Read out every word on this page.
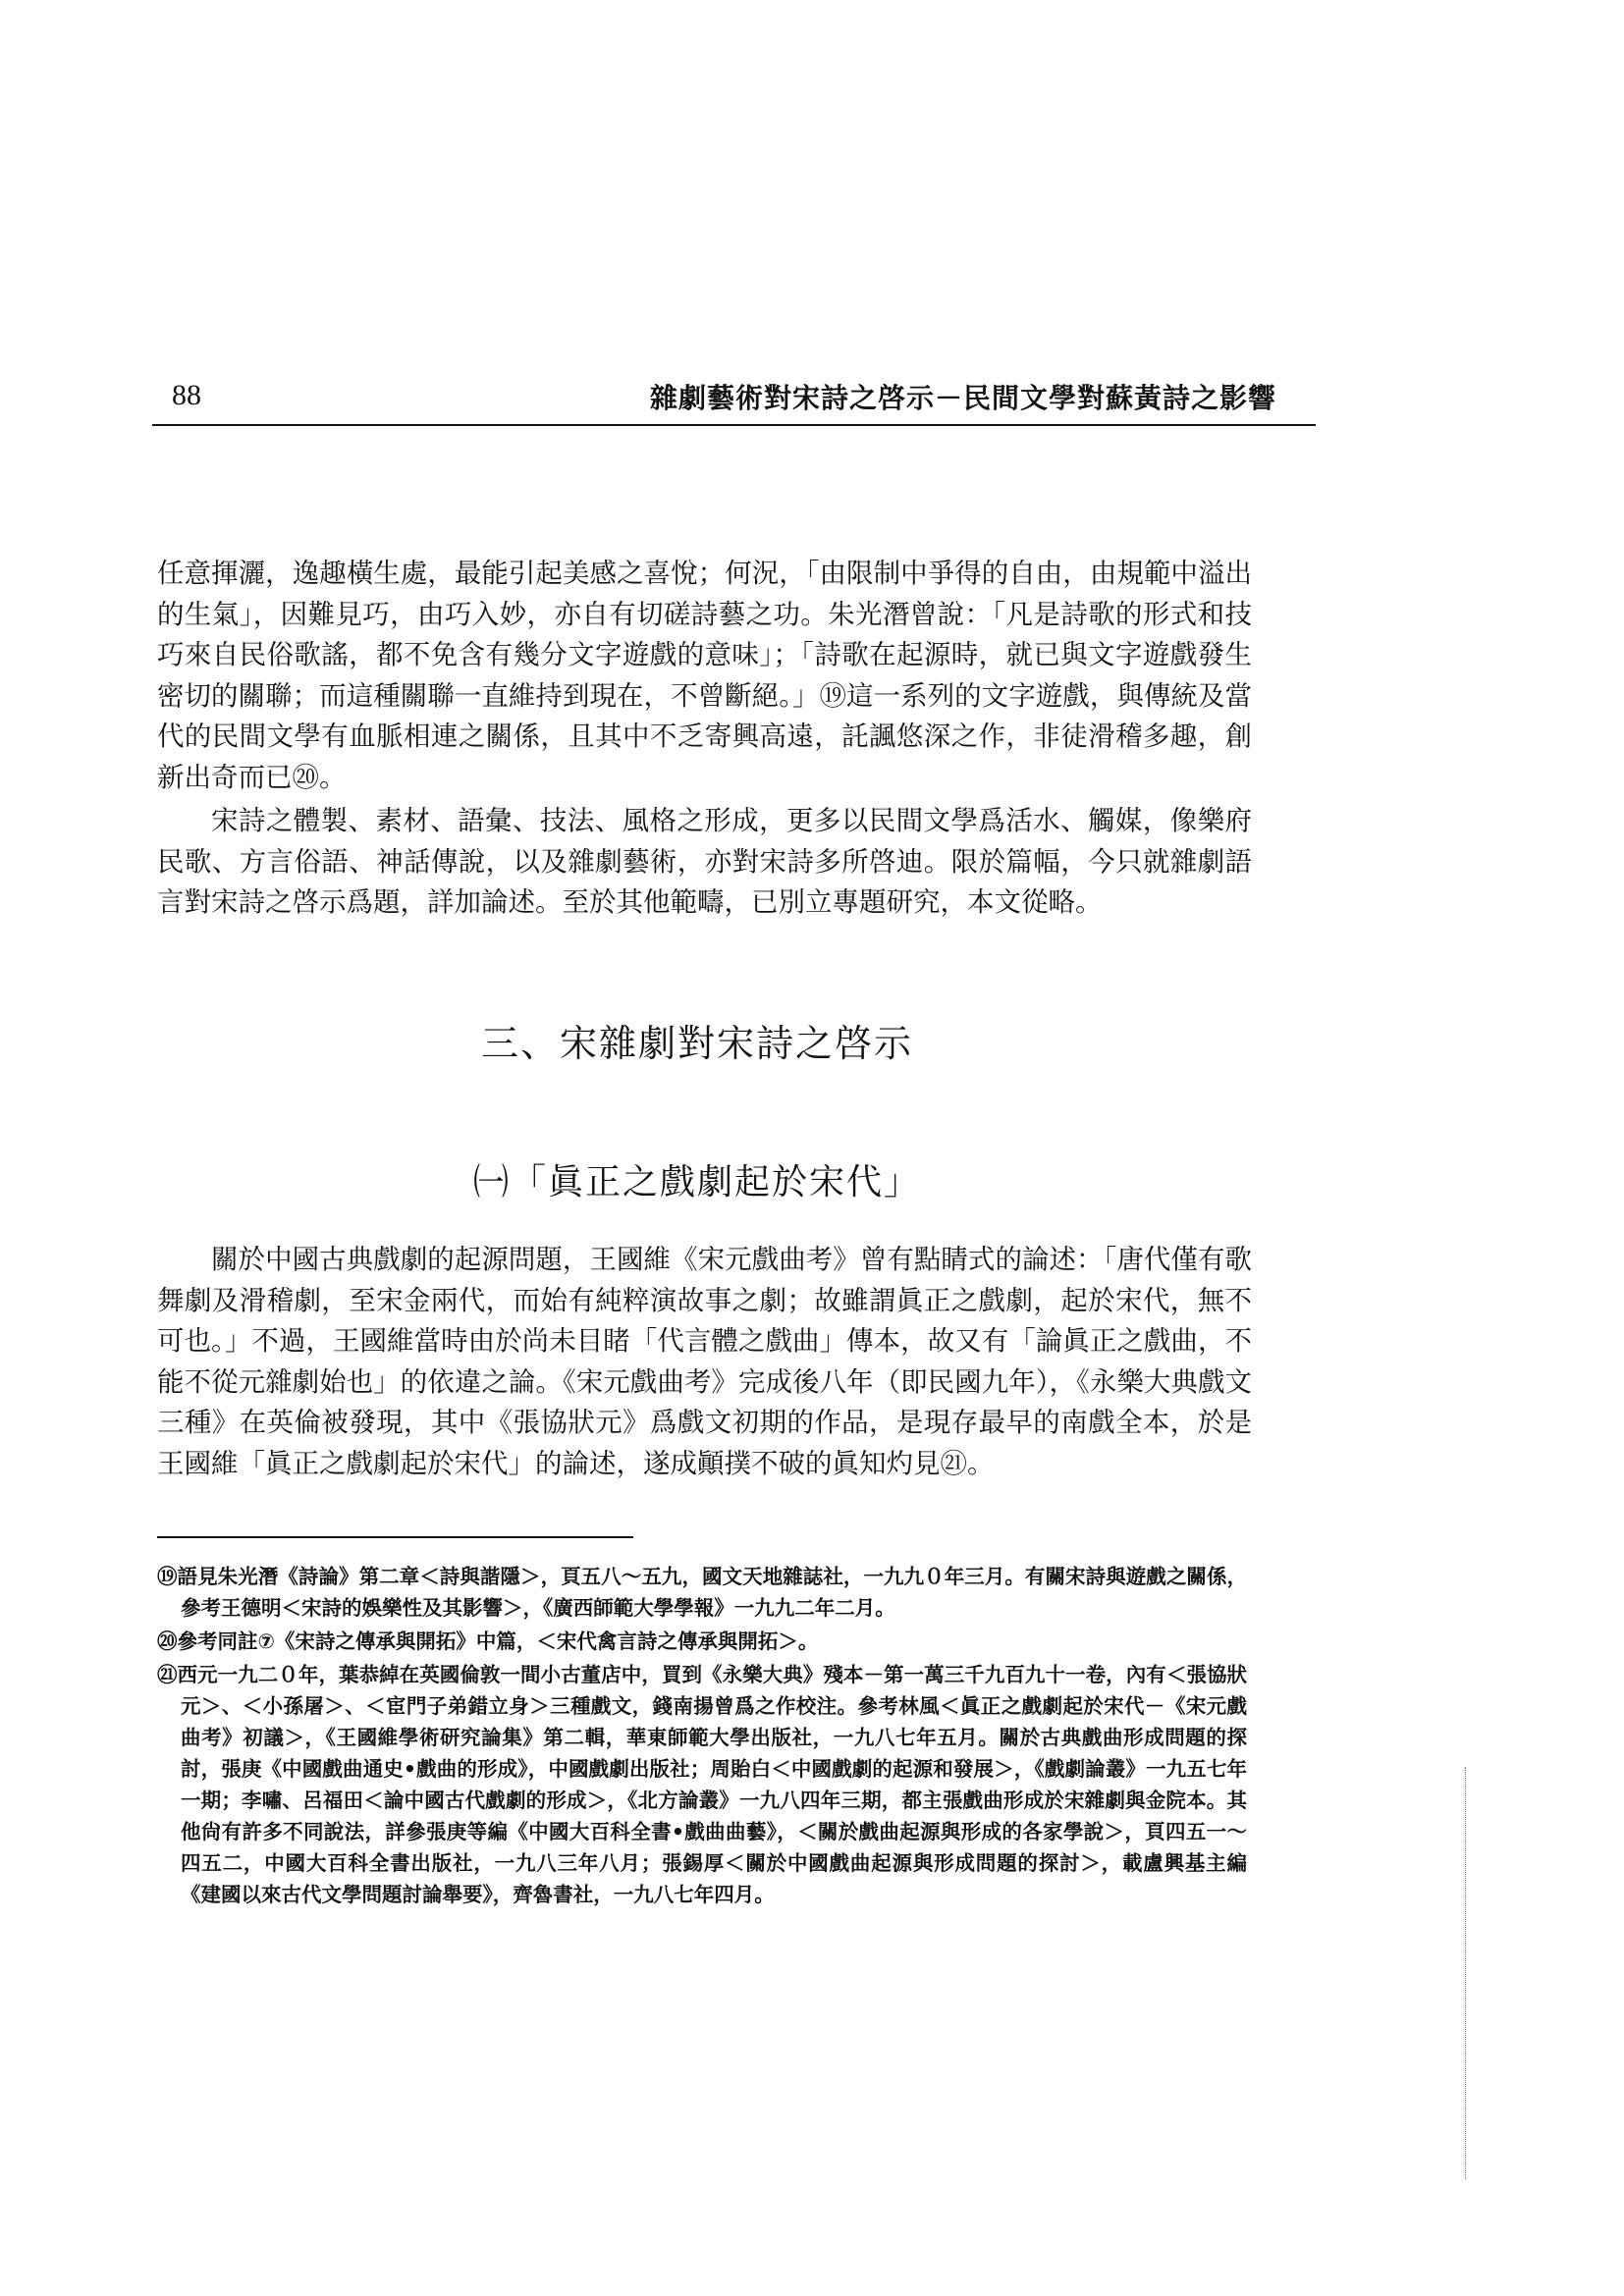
88	雜劇藝術對宋詩之啓示－民間文學對蘇黃詩之影響

任意揮灑，逸趣橫生處，最能引起美感之喜悅；何況，「由限制中爭得的自由，由規範中溢出的生氣」，因難見巧，由巧入妙，亦自有切磋詩藝之功。朱光潛曾說：「凡是詩歌的形式和技巧來自民俗歌謠，都不免含有幾分文字遊戲的意味」；「詩歌在起源時，就已與文字遊戲發生密切的關聯；而這種關聯一直維持到現在，不曾斷絕。」⑲這一系列的文字遊戲，與傳統及當代的民間文學有血脈相連之關係，且其中不乏寄興高遠，託諷悠深之作，非徒滑稽多趣，創新出奇而已⑳。

宋詩之體製、素材、語彙、技法、風格之形成，更多以民間文學爲活水、觸媒，像樂府民歌、方言俗語、神話傳說，以及雜劇藝術，亦對宋詩多所啓迪。限於篇幅，今只就雜劇語言對宋詩之啓示爲題，詳加論述。至於其他範疇，已別立專題研究，本文從略。

三、宋雜劇對宋詩之啓示
㈠「眞正之戲劇起於宋代」

關於中國古典戲劇的起源問題，王國維《宋元戲曲考》曾有點睛式的論述：「唐代僅有歌舞劇及滑稽劇，至宋金兩代，而始有純粹演故事之劇；故雖謂眞正之戲劇，起於宋代，無不可也。」不過，王國維當時由於尚未目睹「代言體之戲曲」傳本，故又有「論眞正之戲曲，不能不從元雜劇始也」的依違之論。《宋元戲曲考》完成後八年（即民國九年），《永樂大典戲文三種》在英倫被發現，其中《張協狀元》爲戲文初期的作品，是現存最早的南戲全本，於是王國維「眞正之戲劇起於宋代」的論述，遂成顚撲不破的眞知灼見㉑。

⑲語見朱光潛《詩論》第二章＜詩與諧隱＞，頁五八～五九，國文天地雜誌社，一九九０年三月。有關宋詩與遊戲之關係，參考王德明＜宋詩的娛樂性及其影響＞，《廣西師範大學學報》一九九二年二月。

⑳參考同註⑦《宋詩之傳承與開拓》中篇，＜宋代禽言詩之傳承與開拓＞。

㉑西元一九二０年，葉恭綽在英國倫敦一間小古董店中，買到《永樂大典》殘本－第一萬三千九百九十一卷，內有＜張協狀元＞、＜小孫屠＞、＜宦門子弟錯立身＞三種戲文，錢南揚曾爲之作校注。參考林風＜眞正之戲劇起於宋代－《宋元戲曲考》初議＞，《王國維學術研究論集》第二輯，華東師範大學出版社，一九八七年五月。關於古典戲曲形成問題的探討，張庚《中國戲曲通史•戲曲的形成》，中國戲劇出版社；周貽白＜中國戲劇的起源和發展＞，《戲劇論叢》一九五七年一期；李嘯、呂福田＜論中國古代戲劇的形成＞，《北方論叢》一九八四年三期，都主張戲曲形成於宋雜劇與金院本。其他尙有許多不同說法，詳參張庚等編《中國大百科全書•戲曲曲藝》，＜關於戲曲起源與形成的各家學說＞，頁四五一～四五二，中國大百科全書出版社，一九八三年八月；張錫厚＜關於中國戲曲起源與形成問題的探討＞，載盧興基主編《建國以來古代文學問題討論舉要》，齊魯書社，一九八七年四月。
